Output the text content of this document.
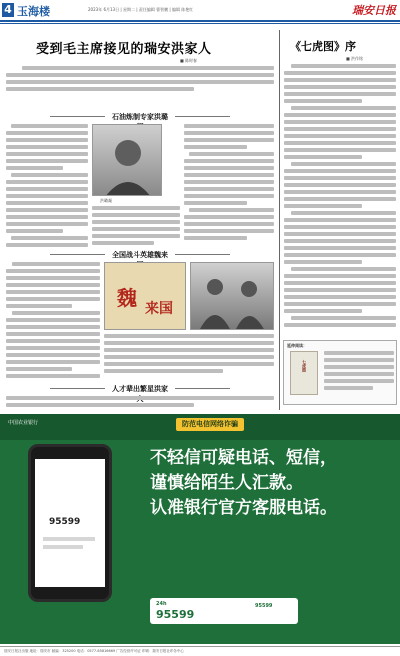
4 玉海楼	2023年 6月13日 | 星期二 | 责任编辑 曹智鹏 | 编辑 陈艳红	瑞安日报
受到毛主席接见的瑞安洪家人
■ 陈时春
石油炼制专家洪璐
洪璐凝
全国战斗英雄魏来
魏 来国
人才辈出繁星洪家
《七虎图》序
■ 洪作铭
延伸阅读：
七虎图
中国农业银行	防范电信网络诈骗
95599
不轻信可疑电话、短信，
谨慎给陌生人汇款。
认准银行官方客服电话。
24h
95599
农业银行客服电话： 95599
办理短信验证须知，实时关注账户变动。
瑞安日报社出版 地址：瑞安市 邮编：325200 电话：0577-65816669 广告经营许可证 印刷：瑞安日报社印务中心
